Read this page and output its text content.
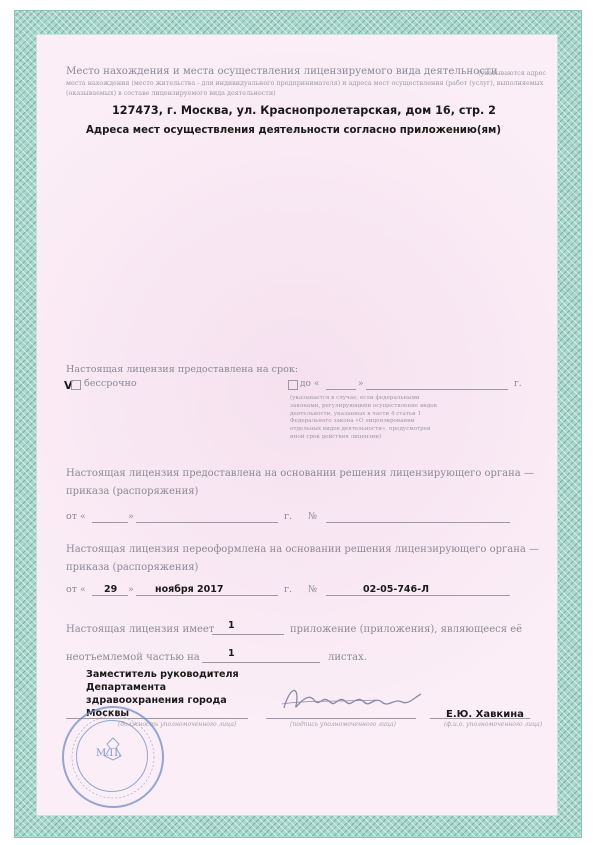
Место нахождения и места осуществления лицензируемого вида деятельности
(указываются адрес места нахождения (место жительства - для индивидуального предпринимателя) и адреса мест осуществления (работ (услуг), выполняемых (оказываемых) в составе лицензируемого вида деятельности)
127473, г. Москва, ул. Краснопролетарская, дом 16, стр. 2
Адреса мест осуществления деятельности согласно приложению(ям)
Настоящая лицензия предоставлена на срок:
V бессрочно	до «	»	г.
(указывается в случае, если федеральными законами, регулирующими осуществление видов деятельности, указанных в части 4 статьи 1 Федерального закона «О лицензировании отдельных видов деятельности», предусмотрен иной срок действия лицензии)
Настоящая лицензия предоставлена на основании решения лицензирующего органа — приказа (распоряжения)
от «	»	г. №
Настоящая лицензия переоформлена на основании решения лицензирующего органа — приказа (распоряжения)
от « 29 » ноября 2017	г. №	02-05-746-Л
Настоящая лицензия имеет 1	приложение (приложения), являющееся её
неотъемлемой частью на	1	листах.
Заместитель руководителя
Департамента
здравоохранения города
Москвы
(должность уполномоченного лица)	(подпись уполномоченного лица)
Е.Ю. Хавкина
(ф.и.о. уполномоченного лица)
М.П.
